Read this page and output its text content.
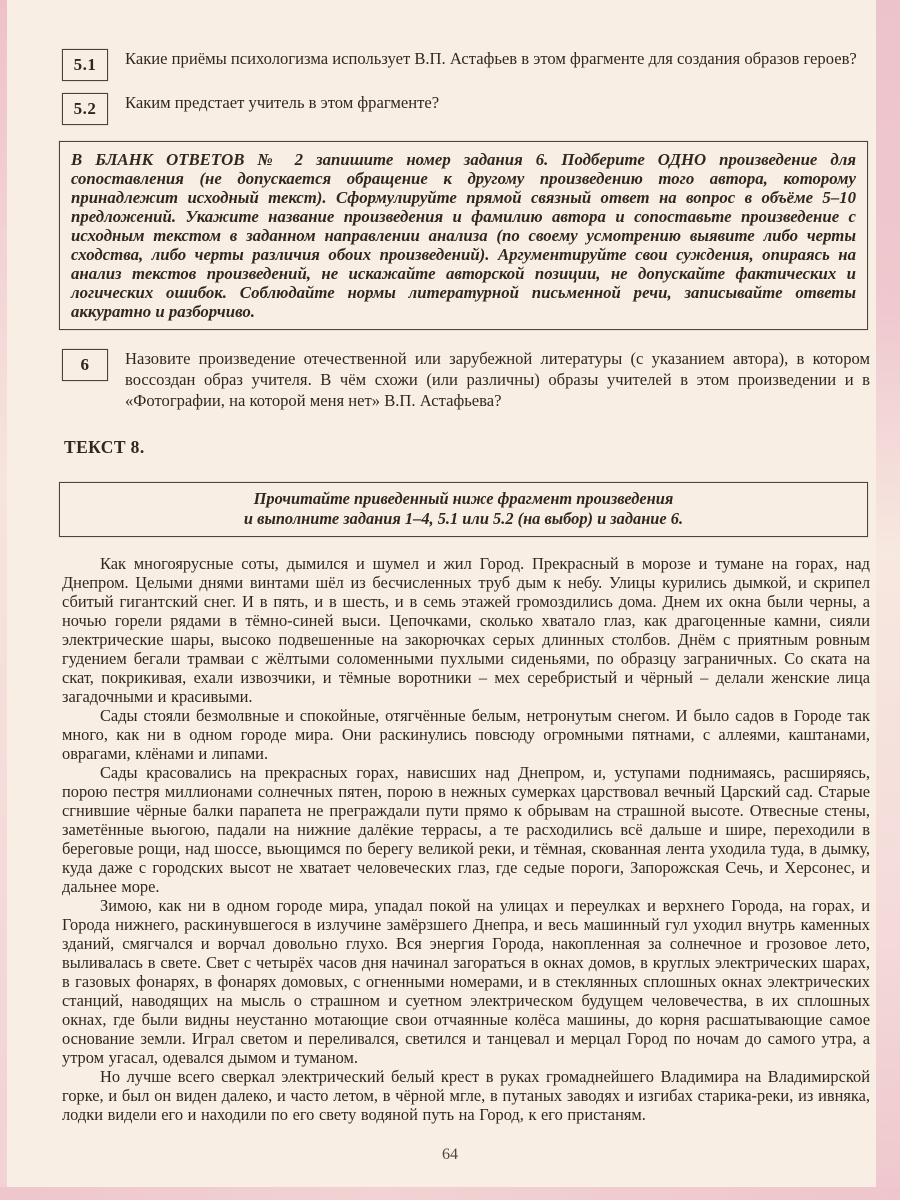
5.1 Какие приёмы психологизма использует В.П. Астафьев в этом фрагменте для создания образов героев?

5.2 Каким предстает учитель в этом фрагменте?

В БЛАНК ОТВЕТОВ № 2 запишите номер задания 6. Подберите ОДНО произведение для сопоставления (не допускается обращение к другому произведению того автора, которому принадлежит исходный текст). Сформулируйте прямой связный ответ на вопрос в объёме 5–10 предложений. Укажите название произведения и фамилию автора и сопоставьте произведение с исходным текстом в заданном направлении анализа (по своему усмотрению выявите либо черты сходства, либо черты различия обоих произведений). Аргументируйте свои суждения, опираясь на анализ текстов произведений, не искажайте авторской позиции, не допускайте фактических и логических ошибок. Соблюдайте нормы литературной письменной речи, записывайте ответы аккуратно и разборчиво.

6 Назовите произведение отечественной или зарубежной литературы (с указанием автора), в котором воссоздан образ учителя. В чём схожи (или различны) образы учителей в этом произведении и в «Фотографии, на которой меня нет» В.П. Астафьева?

ТЕКСТ 8.

Прочитайте приведенный ниже фрагмент произведения

и выполните задания 1–4, 5.1 или 5.2 (на выбор) и задание 6.

Как многоярусные соты, дымился и шумел и жил Город. Прекрасный в морозе и тумане на горах, над Днепром. Целыми днями винтами шёл из бесчисленных труб дым к небу. Улицы курились дымкой, и скрипел сбитый гигантский снег. И в пять, и в шесть, и в семь этажей громоздились дома. Днем их окна были черны, а ночью горели рядами в тёмно-синей выси. Цепочками, сколько хватало глаз, как драгоценные камни, сияли электрические шары, высоко подвешенные на закорючках серых длинных столбов. Днём с приятным ровным гудением бегали трамваи с жёлтыми соломенными пухлыми сиденьями, по образцу заграничных. Со ската на скат, покрикивая, ехали извозчики, и тёмные воротники – мех серебристый и чёрный – делали женские лица загадочными и красивыми.

Сады стояли безмолвные и спокойные, отягчённые белым, нетронутым снегом. И было садов в Городе так много, как ни в одном городе мира. Они раскинулись повсюду огромными пятнами, с аллеями, каштанами, оврагами, клёнами и липами.

Сады красовались на прекрасных горах, нависших над Днепром, и, уступами поднимаясь, расширяясь, порою пестря миллионами солнечных пятен, порою в нежных сумерках царствовал вечный Царский сад. Старые сгнившие чёрные балки парапета не преграждали пути прямо к обрывам на страшной высоте. Отвесные стены, заметённые вьюгою, падали на нижние далёкие террасы, а те расходились всё дальше и шире, переходили в береговые рощи, над шоссе, вьющимся по берегу великой реки, и тёмная, скованная лента уходила туда, в дымку, куда даже с городских высот не хватает человеческих глаз, где седые пороги, Запорожская Сечь, и Херсонес, и дальнее море.

Зимою, как ни в одном городе мира, упадал покой на улицах и переулках и верхнего Города, на горах, и Города нижнего, раскинувшегося в излучине замёрзшего Днепра, и весь машинный гул уходил внутрь каменных зданий, смягчался и ворчал довольно глухо. Вся энергия Города, накопленная за солнечное и грозовое лето, выливалась в свете. Свет с четырёх часов дня начинал загораться в окнах домов, в круглых электрических шарах, в газовых фонарях, в фонарях домовых, с огненными номерами, и в стеклянных сплошных окнах электрических станций, наводящих на мысль о страшном и суетном электрическом будущем человечества, в их сплошных окнах, где были видны неустанно мотающие свои отчаянные колёса машины, до корня расшатывающие самое основание земли. Играл светом и переливался, светился и танцевал и мерцал Город по ночам до самого утра, а утром угасал, одевался дымом и туманом.

Но лучше всего сверкал электрический белый крест в руках громаднейшего Владимира на Владимирской горке, и был он виден далеко, и часто летом, в чёрной мгле, в путаных заводях и изгибах старика-реки, из ивняка, лодки видели его и находили по его свету водяной путь на Город, к его пристаням.

64
